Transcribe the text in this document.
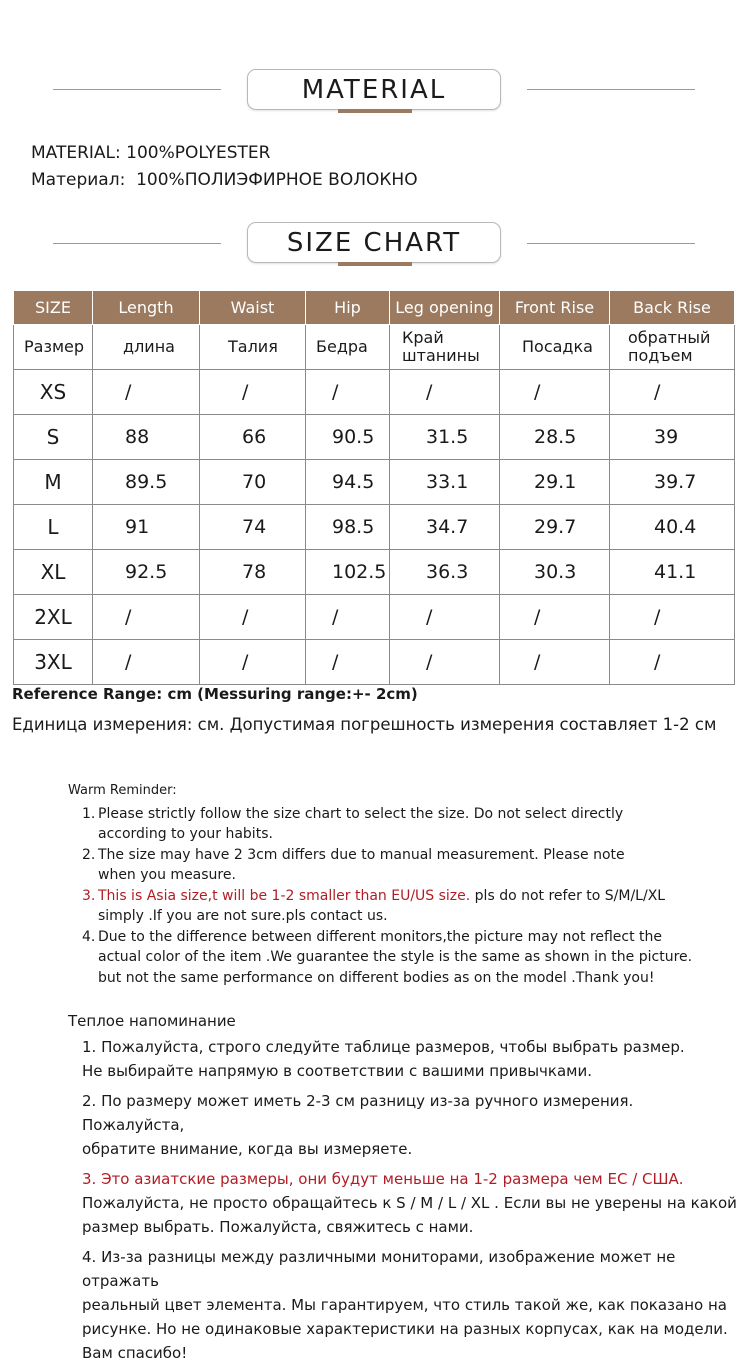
MATERIAL
MATERIAL: 100%POLYESTER
Материал: 100%ПОЛИЭФИРНОЕ ВОЛОКНО
SIZE CHART
SIZE	Length	Waist	Hip	Leg opening	Front Rise	Back Rise
Размер	длина	Талия	Бедра	Край штанины	Посадка	обратный подъем
XS	/	/	/	/	/	/
S	88	66	90.5	31.5	28.5	39
M	89.5	70	94.5	33.1	29.1	39.7
L	91	74	98.5	34.7	29.7	40.4
XL	92.5	78	102.5	36.3	30.3	41.1
2XL	/	/	/	/	/	/
3XL	/	/	/	/	/	/
Reference Range: cm (Messuring range:+- 2cm)
Единица измерения: см. Допустимая погрешность измерения составляет 1-2 см
Warm Reminder:
1. Please strictly follow the size chart to select the size. Do not select directly
according to your habits.
2. The size may have 2 3cm differs due to manual measurement. Please note
when you measure.
3. This is Asia size,t will be 1-2 smaller than EU/US size. pls do not refer to S/M/L/XL
simply .If you are not sure.pls contact us.
4. Due to the difference between different monitors,the picture may not reflect the
actual color of the item .We guarantee the style is the same as shown in the picture.
but not the same performance on different bodies as on the model .Thank you!
Теплое напоминание
1. Пожалуйста, строго следуйте таблице размеров, чтобы выбрать размер.
Не выбирайте напрямую в соответствии с вашими привычками.
2. По размеру может иметь 2-3 см разницу из-за ручного измерения. Пожалуйста,
обратите внимание, когда вы измеряете.
3. Это азиатские размеры, они будут меньше на 1-2 размера чем ЕС / США.
Пожалуйста, не просто обращайтесь к S / M / L / XL . Если вы не уверены на какой
размер выбрать. Пожалуйста, свяжитесь с нами.
4. Из-за разницы между различными мониторами, изображение может не отражать
реальный цвет элемента. Мы гарантируем, что стиль такой же, как показано на
рисунке. Но не одинаковые характеристики на разных корпусах, как на модели.
Вам спасибо!
